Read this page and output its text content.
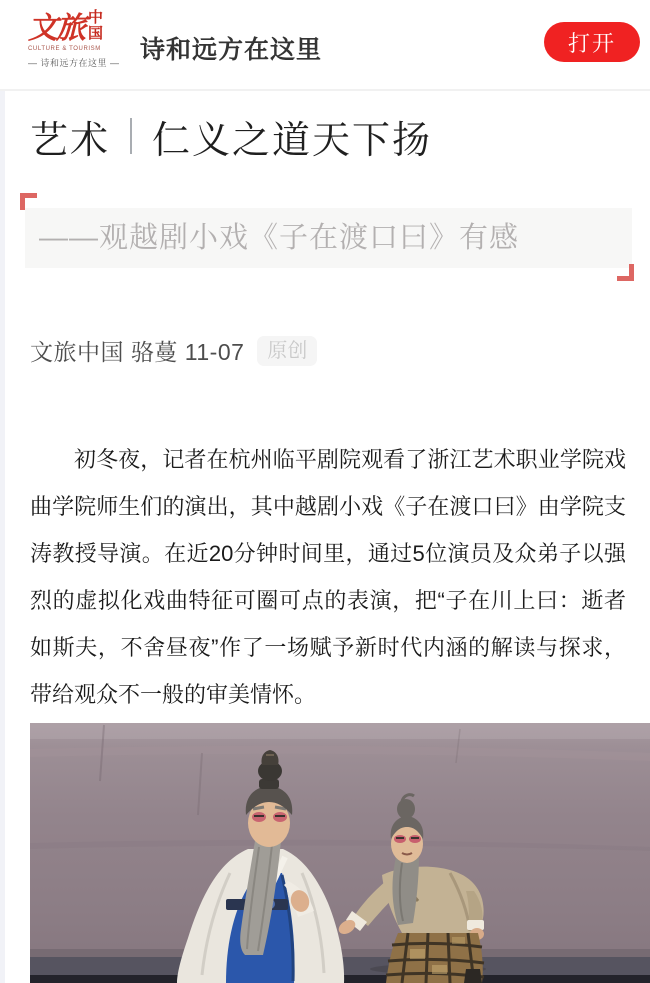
文旅 中
国
CULTURE & TOURISM
— 诗和远方在这里 — 诗和远方在这里	打开
艺术 仁义之道天下扬
——观越剧小戏《子在渡口曰》有感
文旅中国 骆蔓 11-07	原创

初冬夜，记者在杭州临平剧院观看了浙江艺术职业学院戏曲学院师生们的演出，其中越剧小戏《子在渡口曰》由学院支涛教授导演。在近20分钟时间里，通过5位演员及众弟子以强烈的虚拟化戏曲特征可圈可点的表演，把“子在川上曰：逝者如斯夫，不舍昼夜”作了一场赋予新时代内涵的解读与探求，带给观众不一般的审美情怀。
